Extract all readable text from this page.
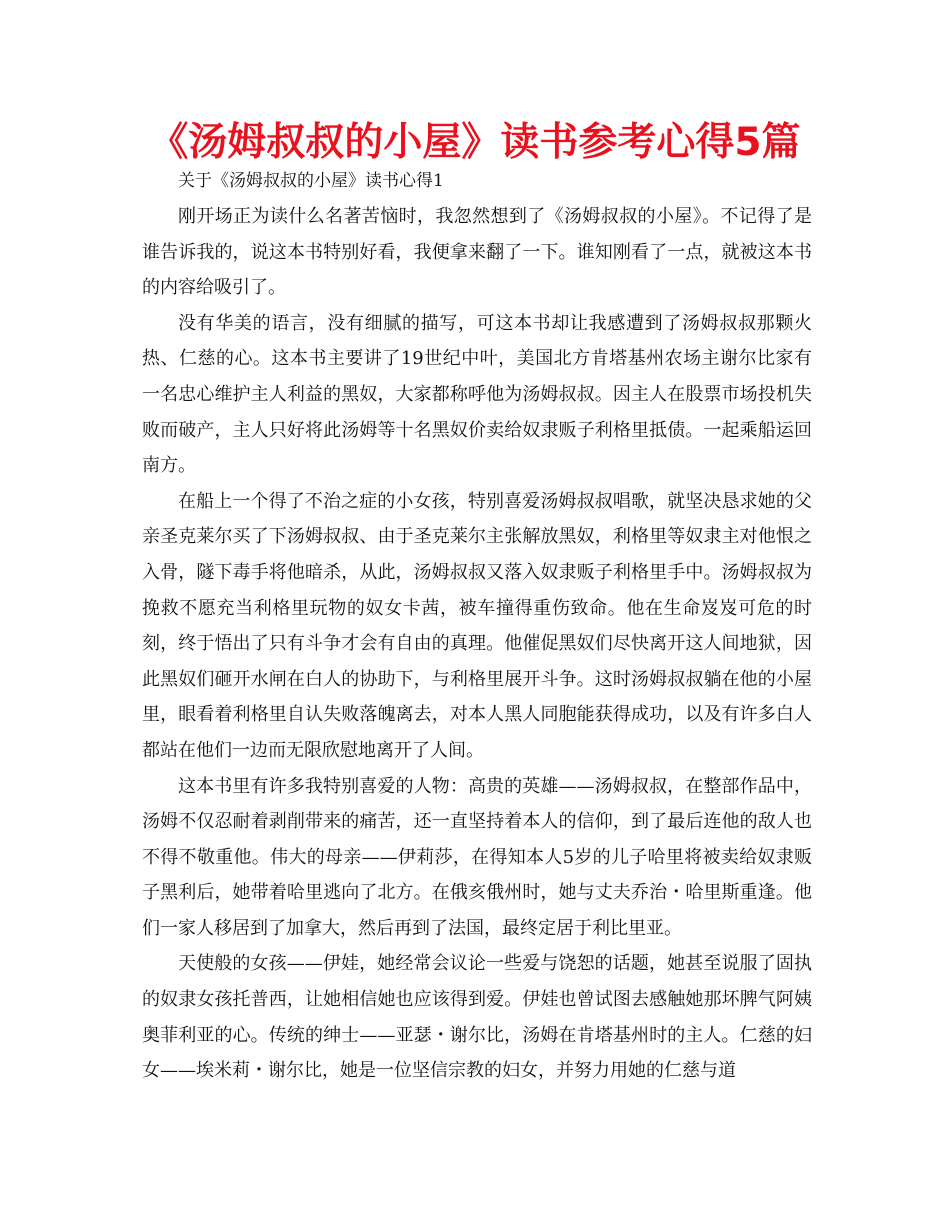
《汤姆叔叔的小屋》读书参考心得5篇
关于《汤姆叔叔的小屋》读书心得1

刚开场正为读什么名著苦恼时，我忽然想到了《汤姆叔叔的小屋》。不记得了是谁告诉我的，说这本书特别好看，我便拿来翻了一下。谁知刚看了一点，就被这本书的内容给吸引了。

没有华美的语言，没有细腻的描写，可这本书却让我感遭到了汤姆叔叔那颗火热、仁慈的心。这本书主要讲了19世纪中叶，美国北方肯塔基州农场主谢尔比家有一名忠心维护主人利益的黑奴，大家都称呼他为汤姆叔叔。因主人在股票市场投机失败而破产，主人只好将此汤姆等十名黑奴价卖给奴隶贩子利格里抵债。一起乘船运回南方。

在船上一个得了不治之症的小女孩，特别喜爱汤姆叔叔唱歌，就坚决恳求她的父亲圣克莱尔买了下汤姆叔叔、由于圣克莱尔主张解放黑奴，利格里等奴隶主对他恨之入骨，隧下毒手将他暗杀，从此，汤姆叔叔又落入奴隶贩子利格里手中。汤姆叔叔为挽救不愿充当利格里玩物的奴女卡茜，被车撞得重伤致命。他在生命岌岌可危的时刻，终于悟出了只有斗争才会有自由的真理。他催促黑奴们尽快离开这人间地狱，因此黑奴们砸开水闸在白人的协助下，与利格里展开斗争。这时汤姆叔叔躺在他的小屋里，眼看着利格里自认失败落魄离去，对本人黑人同胞能获得成功，以及有许多白人都站在他们一边而无限欣慰地离开了人间。

这本书里有许多我特别喜爱的人物：高贵的英雄——汤姆叔叔，在整部作品中，汤姆不仅忍耐着剥削带来的痛苦，还一直坚持着本人的信仰，到了最后连他的敌人也不得不敬重他。伟大的母亲——伊莉莎，在得知本人5岁的儿子哈里将被卖给奴隶贩子黑利后，她带着哈里逃向了北方。在俄亥俄州时，她与丈夫乔治・哈里斯重逢。他们一家人移居到了加拿大，然后再到了法国，最终定居于利比里亚。

天使般的女孩——伊娃，她经常会议论一些爱与饶恕的话题，她甚至说服了固执的奴隶女孩托普西，让她相信她也应该得到爱。伊娃也曾试图去感触她那坏脾气阿姨奥菲利亚的心。传统的绅士——亚瑟・谢尔比，汤姆在肯塔基州时的主人。仁慈的妇女——埃米莉・谢尔比，她是一位坚信宗教的妇女，并努力用她的仁慈与道
